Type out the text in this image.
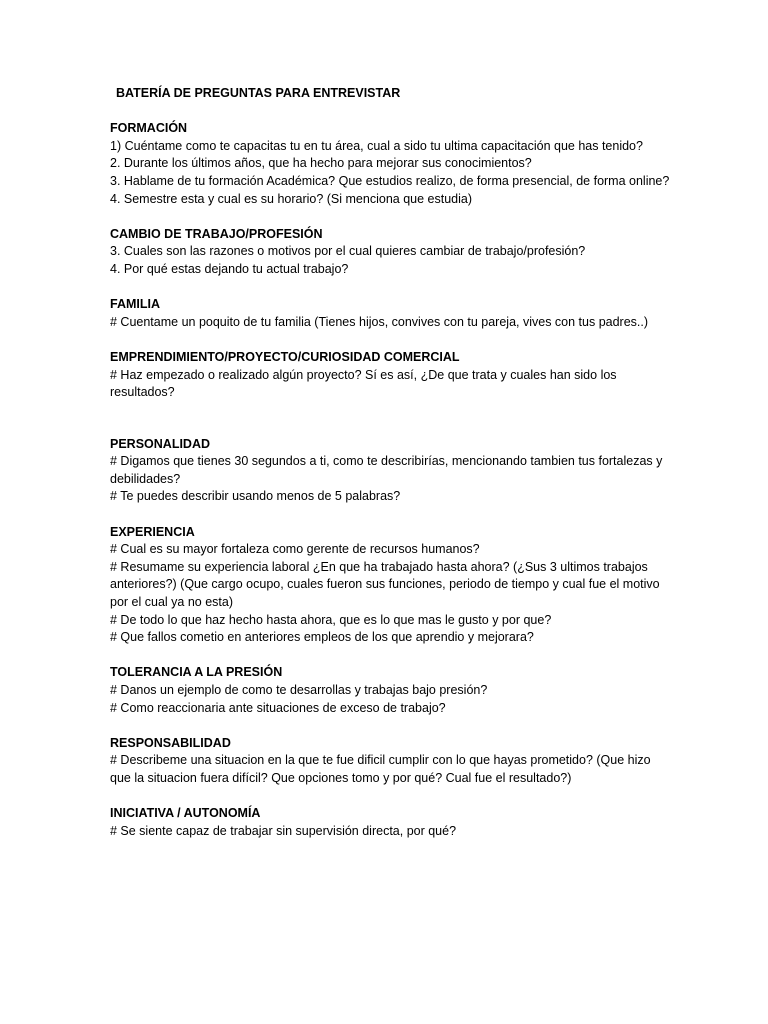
BATERÍA DE PREGUNTAS PARA ENTREVISTAR

FORMACIÓN

1) Cuéntame como te capacitas tu en tu área, cual a sido tu ultima capacitación que has tenido?

2. Durante los últimos años, que ha hecho para mejorar sus conocimientos?

3. Hablame de tu formación Académica? Que estudios realizo, de forma presencial, de forma online?

4. Semestre esta y cual es su horario? (Si menciona que estudia)

CAMBIO DE TRABAJO/PROFESIÓN

3. Cuales son las razones o motivos por el cual quieres cambiar de trabajo/profesión?

4. Por qué estas dejando tu actual trabajo?

FAMILIA

# Cuentame un poquito de tu familia (Tienes hijos, convives con tu pareja, vives con tus padres..)

EMPRENDIMIENTO/PROYECTO/CURIOSIDAD COMERCIAL

# Haz empezado o realizado algún proyecto? Sí es así, ¿De que trata y cuales han sido los resultados?

PERSONALIDAD

# Digamos que tienes 30 segundos a ti, como te describirías, mencionando tambien tus fortalezas y debilidades?

# Te puedes describir usando menos de 5 palabras?

EXPERIENCIA

# Cual es su mayor fortaleza como gerente de recursos humanos?

# Resumame su experiencia laboral ¿En que ha trabajado hasta ahora? (¿Sus 3 ultimos trabajos anteriores?) (Que cargo ocupo, cuales fueron sus funciones, periodo de tiempo y cual fue el motivo por el cual ya no esta)

# De todo lo que haz hecho hasta ahora, que es lo que mas le gusto y por que?

# Que fallos cometio en anteriores empleos de los que aprendio y mejorara?

TOLERANCIA A LA PRESIÓN

# Danos un ejemplo de como te desarrollas y trabajas bajo presión?

# Como reaccionaria ante situaciones de exceso de trabajo?

RESPONSABILIDAD

# Describeme una situacion en la que te fue dificil cumplir con lo que hayas prometido? (Que hizo que la situacion fuera difícil? Que opciones tomo y por qué? Cual fue el resultado?)

INICIATIVA / AUTONOMÍA

# Se siente capaz de trabajar sin supervisión directa, por qué?
